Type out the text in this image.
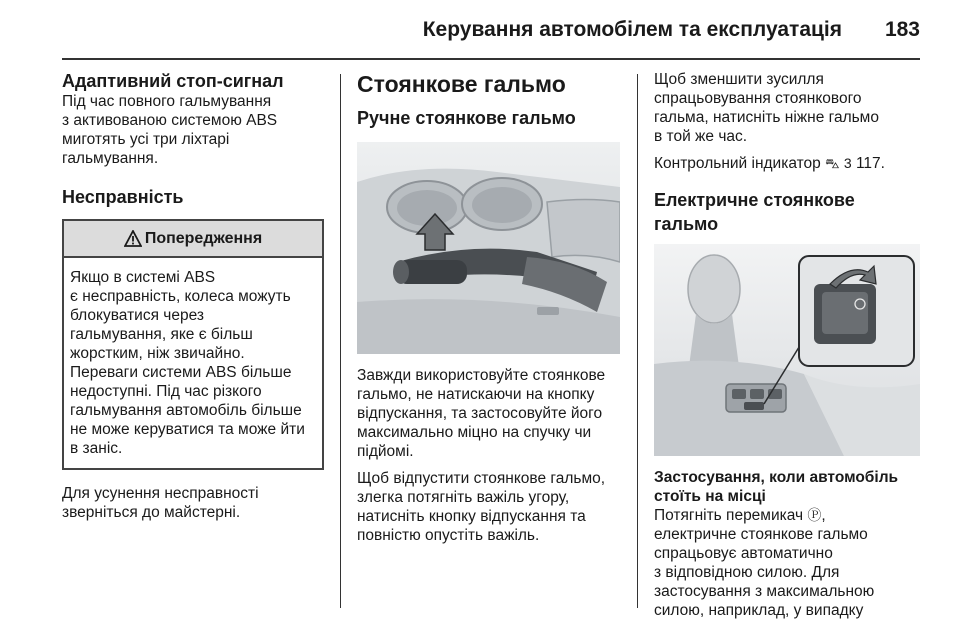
Керування автомобілем та експлуатація 183
Адаптивний стоп-сигнал
Під час повного гальмування
з активованою системою ABS
миготять усі три ліхтарі
гальмування.
Несправність
Попередження
Якщо в системі ABS
є несправність, колеса можуть
блокуватися через
гальмування, яке є більш
жорстким, ніж звичайно.
Переваги системи ABS більше
недоступні. Під час різкого
гальмування автомобіль більше
не може керуватися та може йти
в заніс.
Для усунення несправності
зверніться до майстерні.
Стоянкове гальмо
Ручне стоянкове гальмо
Завжди використовуйте стоянкове
гальмо, не натискаючи на кнопку
відпускання, та застосовуйте його
максимально міцно на спучку чи
підйомі.
Щоб відпустити стоянкове гальмо,
злегка потягніть важіль угору,
натисніть кнопку відпускання та
повністю опустіть важіль.
Щоб зменшити зусилля
спрацьовування стоянкового
гальма, натисніть ніжне гальмо
в той же час.
Контрольний індикатор ⛍ 3 117.
Електричне стоянкове гальмо
Застосування, коли автомобіль
стоїть на місці
Потягніть перемикач Ⓟ,
електричне стоянкове гальмо
спрацьовує автоматично
з відповідною силою. Для
застосування з максимальною
силою, наприклад, у випадку
